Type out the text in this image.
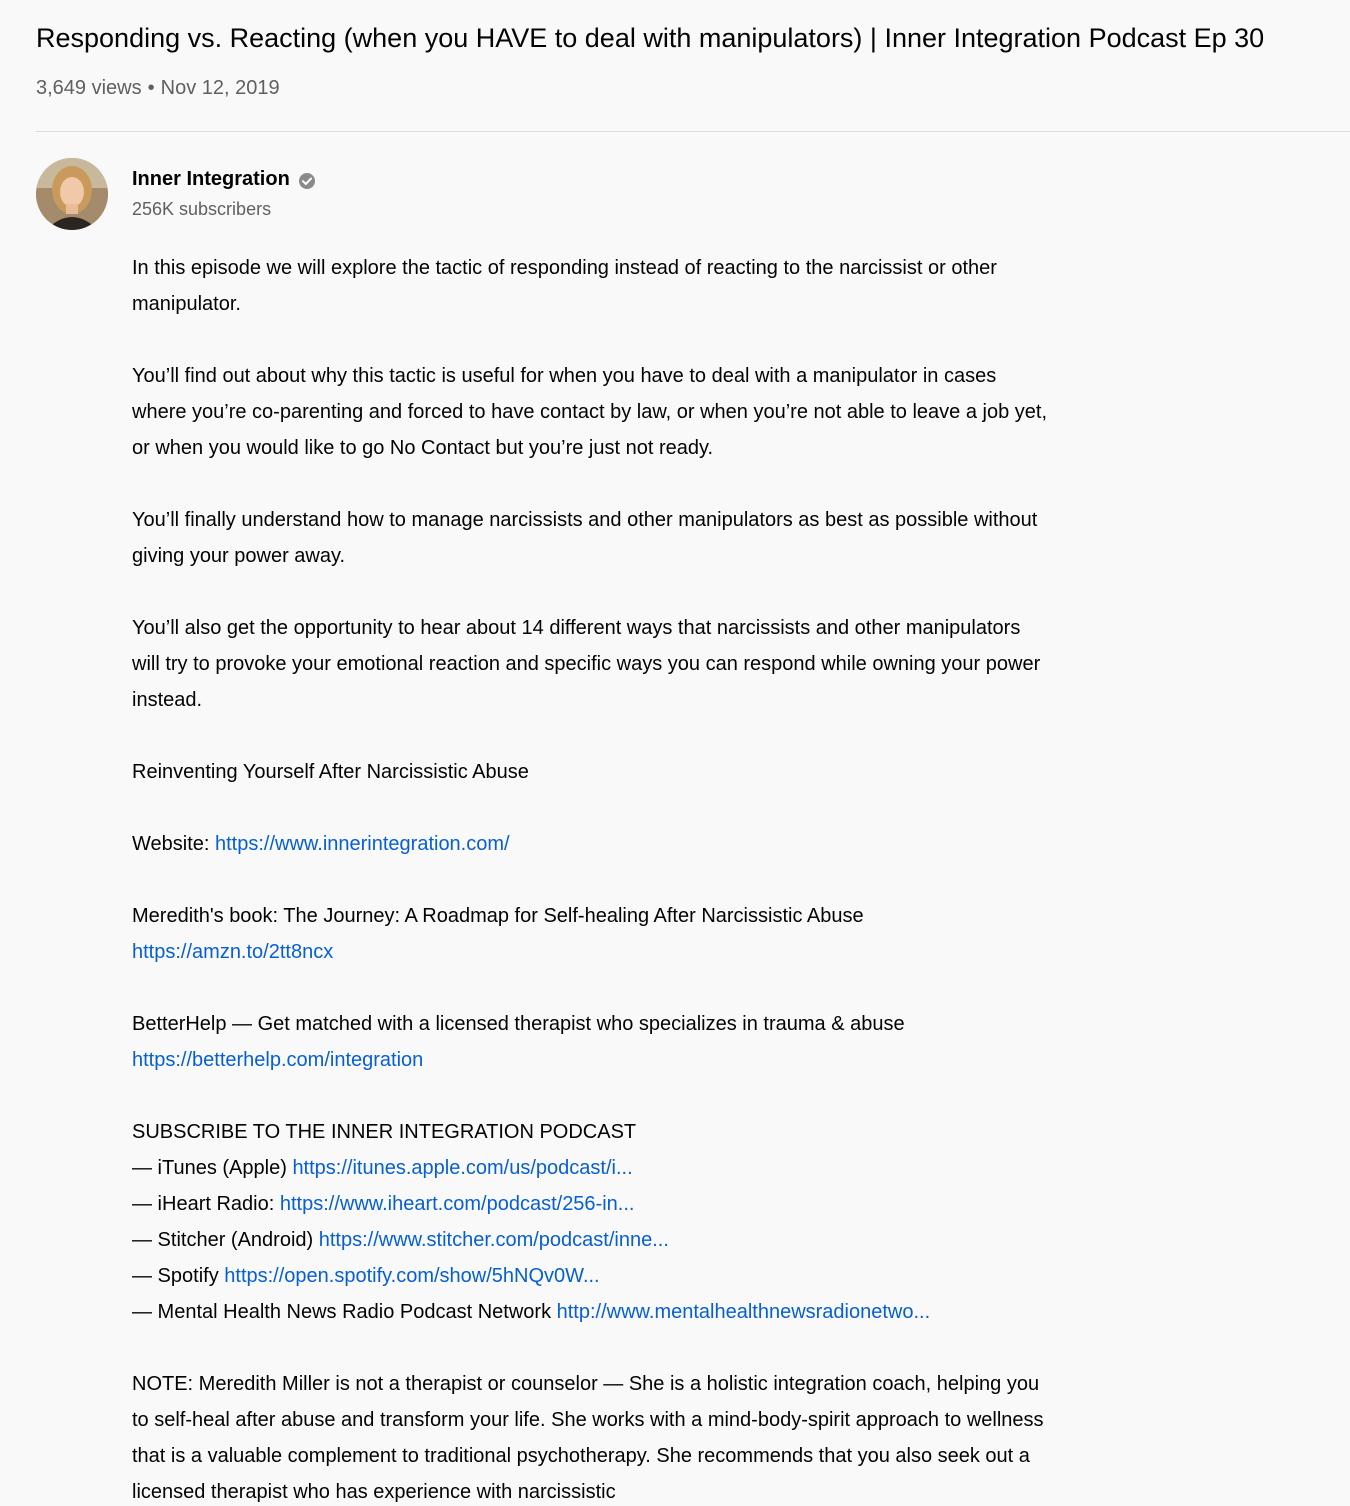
Responding vs. Reacting (when you HAVE to deal with manipulators) | Inner Integration Podcast Ep 30
3,649 views • Nov 12, 2019
Inner Integration
256K subscribers

In this episode we will explore the tactic of responding instead of reacting to the narcissist or other manipulator.

You’ll find out about why this tactic is useful for when you have to deal with a manipulator in cases where you’re co-parenting and forced to have contact by law, or when you’re not able to leave a job yet, or when you would like to go No Contact but you’re just not ready.

You’ll finally understand how to manage narcissists and other manipulators as best as possible without giving your power away.

You’ll also get the opportunity to hear about 14 different ways that narcissists and other manipulators will try to provoke your emotional reaction and specific ways you can respond while owning your power instead.

Reinventing Yourself After Narcissistic Abuse

Website: https://www.innerintegration.com/

Meredith's book: The Journey: A Roadmap for Self-healing After Narcissistic Abuse
https://amzn.to/2tt8ncx

BetterHelp — Get matched with a licensed therapist who specializes in trauma & abuse
https://betterhelp.com/integration

SUBSCRIBE TO THE INNER INTEGRATION PODCAST
— iTunes (Apple) https://itunes.apple.com/us/podcast/i...
— iHeart Radio: https://www.iheart.com/podcast/256-in...
— Stitcher (Android) https://www.stitcher.com/podcast/inne...
— Spotify https://open.spotify.com/show/5hNQv0W...
— Mental Health News Radio Podcast Network http://www.mentalhealthnewsradionetwo...

NOTE: Meredith Miller is not a therapist or counselor — She is a holistic integration coach, helping you to self-heal after abuse and transform your life. She works with a mind-body-spirit approach to wellness that is a valuable complement to traditional psychotherapy. She recommends that you also seek out a licensed therapist who has experience with narcissistic
